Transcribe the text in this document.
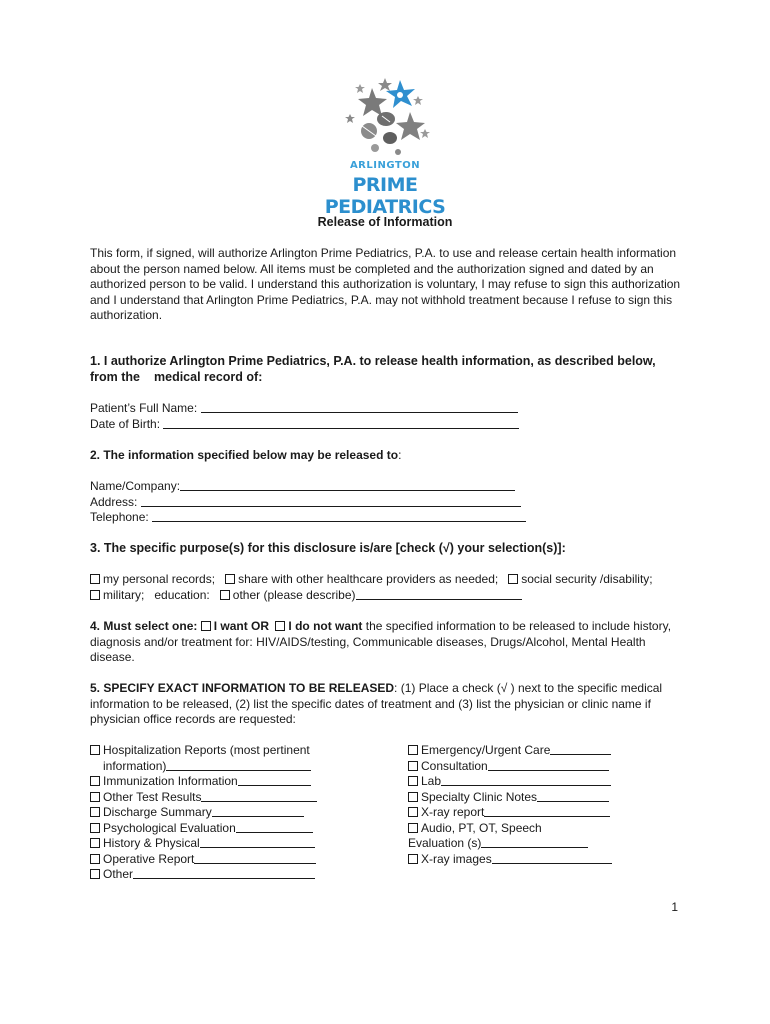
ARLINGTON
PRIME PEDIATRICS
Release of Information
This form, if signed, will authorize Arlington Prime Pediatrics, P.A. to use and release certain health information about the person named below. All items must be completed and the authorization signed and dated by an authorized person to be valid. I understand this authorization is voluntary, I may refuse to sign this authorization and I understand that Arlington Prime Pediatrics, P.A. may not withhold treatment because I refuse to sign this authorization.
1. I authorize Arlington Prime Pediatrics, P.A. to release health information, as described below,
from the medical record of:
Patient’s Full Name:
Date of Birth:
2. The information specified below may be released to:
Name/Company:
Address:
Telephone:
3. The specific purpose(s) for this disclosure is/are [check (√) your selection(s)]:
my personal records; share with other healthcare providers as needed; social security /disability;
military; education: other (please describe)
4. Must select one: I want OR I do not want the specified information to be released to include history,
diagnosis and/or treatment for: HIV/AIDS/testing, Communicable diseases, Drugs/Alcohol, Mental Health disease.
5. SPECIFY EXACT INFORMATION TO BE RELEASED: (1) Place a check (√ ) next to the specific medical
information to be released, (2) list the specific dates of treatment and (3) list the physician or clinic name if physician office records are requested:
Hospitalization Reports (most pertinent
information)
Immunization Information
Other Test Results
Discharge Summary
Psychological Evaluation
History & Physical
Operative Report
Other
Emergency/Urgent Care
Consultation
Lab
Specialty Clinic Notes
X-ray report
Audio, PT, OT, Speech
Evaluation (s)
X-ray images
1
